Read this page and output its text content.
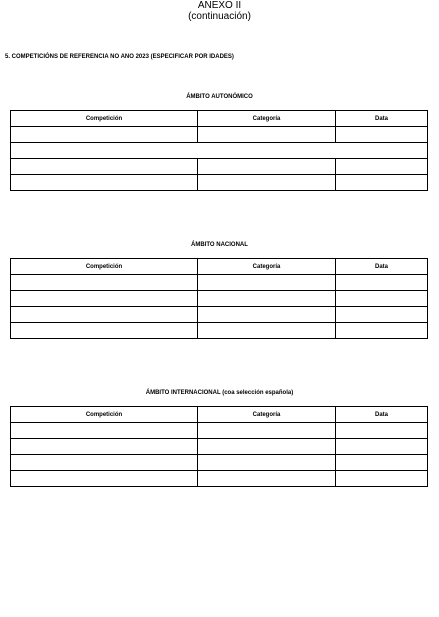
ANEXO II
(continuación)
5. COMPETICIÓNS DE REFERENCIA NO ANO 2023 (ESPECIFICAR POR IDADES)
ÁMBITO AUTONÓMICO
Competición	Categoría	Data

ÁMBITO NACIONAL
Competición	Categoría	Data

ÁMBITO INTERNACIONAL (coa selección española)
Competición	Categoría	Data
